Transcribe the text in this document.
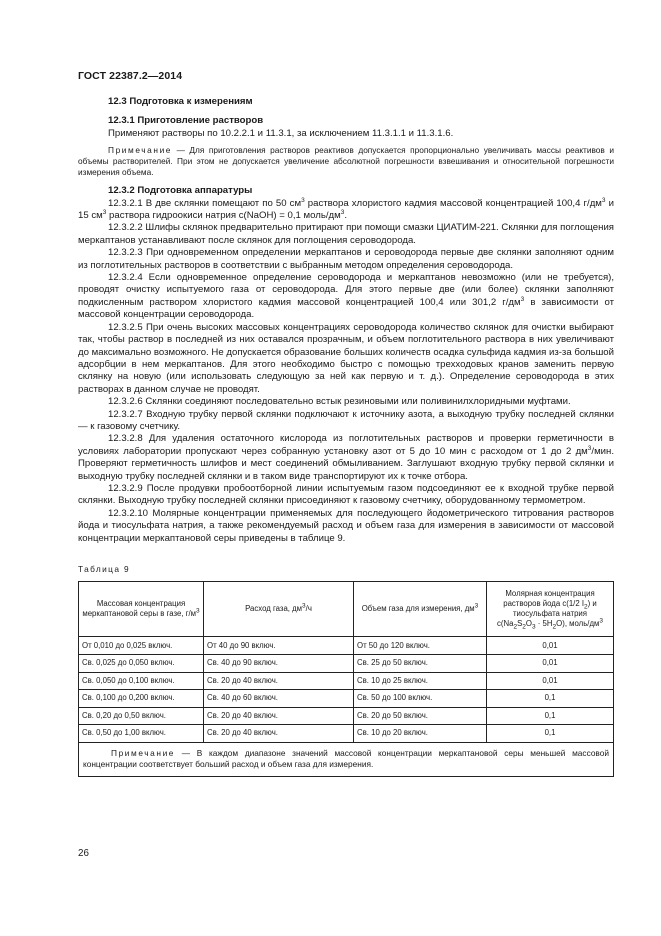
ГОСТ 22387.2—2014

12.3 Подготовка к измерениям

12.3.1 Приготовление растворов

Применяют растворы по 10.2.2.1 и 11.3.1, за исключением 11.3.1.1 и 11.3.1.6.

Примечание — Для приготовления растворов реактивов допускается пропорционально увеличивать массы реактивов и объемы растворителей. При этом не допускается увеличение абсолютной погрешности взвешивания и относительной погрешности измерения объема.

12.3.2 Подготовка аппаратуры

12.3.2.1 В две склянки помещают по 50 $см^3$ раствора хлористого кадмия массовой концентрацией 100,4 $г/дм^3$ и 15 $см^3$ раствора гидроокиси натрия c(NaOH) = 0,1 моль/$дм^3$.

12.3.2.2 Шлифы склянок предварительно притирают при помощи смазки ЦИАТИМ-221. Склянки для поглощения меркаптанов устанавливают после склянок для поглощения сероводорода.

12.3.2.3 При одновременном определении меркаптанов и сероводорода первые две склянки заполняют одним из поглотительных растворов в соответствии с выбранным методом определения сероводорода.

12.3.2.4 Если одновременное определение сероводорода и меркаптанов невозможно (или не требуется), проводят очистку испытуемого газа от сероводорода. Для этого первые две (или более) склянки заполняют подкисленным раствором хлористого кадмия массовой концентрацией 100,4 или 301,2 $г/дм^3$ в зависимости от массовой концентрации сероводорода.

12.3.2.5 При очень высоких массовых концентрациях сероводорода количество склянок для очистки выбирают так, чтобы раствор в последней из них оставался прозрачным, и объем поглотительного раствора в них увеличивают до максимально возможного. Не допускается образование больших количеств осадка сульфида кадмия из-за большой адсорбции в нем меркаптанов. Для этого необходимо быстро с помощью трехходовых кранов заменить первую склянку на новую (или использовать следующую за ней как первую и т. д.). Определение сероводорода в этих растворах в данном случае не проводят.

12.3.2.6 Склянки соединяют последовательно встык резиновыми или поливинилхлоридными муфтами.

12.3.2.7 Входную трубку первой склянки подключают к источнику азота, а выходную трубку последней склянки — к газовому счетчику.

12.3.2.8 Для удаления остаточного кислорода из поглотительных растворов и проверки герметичности в условиях лаборатории пропускают через собранную установку азот от 5 до 10 мин с расходом от 1 до 2 $дм^3$/мин. Проверяют герметичность шлифов и мест соединений обмыливанием. Заглушают входную трубку первой склянки и выходную трубку последней склянки и в таком виде транспортируют их к точке отбора.

12.3.2.9 После продувки пробоотборной линии испытуемым газом подсоединяют ее к входной трубке первой склянки. Выходную трубку последней склянки присоединяют к газовому счетчику, оборудованному термометром.

12.3.2.10 Молярные концентрации применяемых для последующего йодометрического титрования растворов йода и тиосульфата натрия, а также рекомендуемый расход и объем газа для измерения в зависимости от массовой концентрации меркаптановой серы приведены в таблице 9.

Таблица 9
Массовая концентрация меркаптановой серы в газе, $г/м^3$	Расход газа, $дм^3/ч$	Объем газа для измерения, $дм^3$	Молярная концентрация растворов йода c(1/2 $I_2$) и тиосульфата натрия
$c(Na_2S_2O_3 \cdot 5H_2O)$, моль/$дм^3$
От 0,010 до 0,025 включ.	От 40 до 90 включ.	От 50 до 120 включ.	0,01
Св. 0,025 до 0,050 включ.	Св. 40 до 90 включ.	Св. 25 до 50 включ.	0,01
Св. 0,050 до 0,100 включ.	Св. 20 до 40 включ.	Св. 10 до 25 включ.	0,01
Св. 0,100 до 0,200 включ.	Св. 40 до 60 включ.	Св. 50 до 100 включ.	0,1
Св. 0,20 до 0,50 включ.	Св. 20 до 40 включ.	Св. 20 до 50 включ.	0,1
Св. 0,50 до 1,00 включ.	Св. 20 до 40 включ.	Св. 10 до 20 включ.	0,1
Примечание — В каждом диапазоне значений массовой концентрации меркаптановой серы меньшей массовой концентрации соответствует больший расход и объем газа для измерения.			
26
